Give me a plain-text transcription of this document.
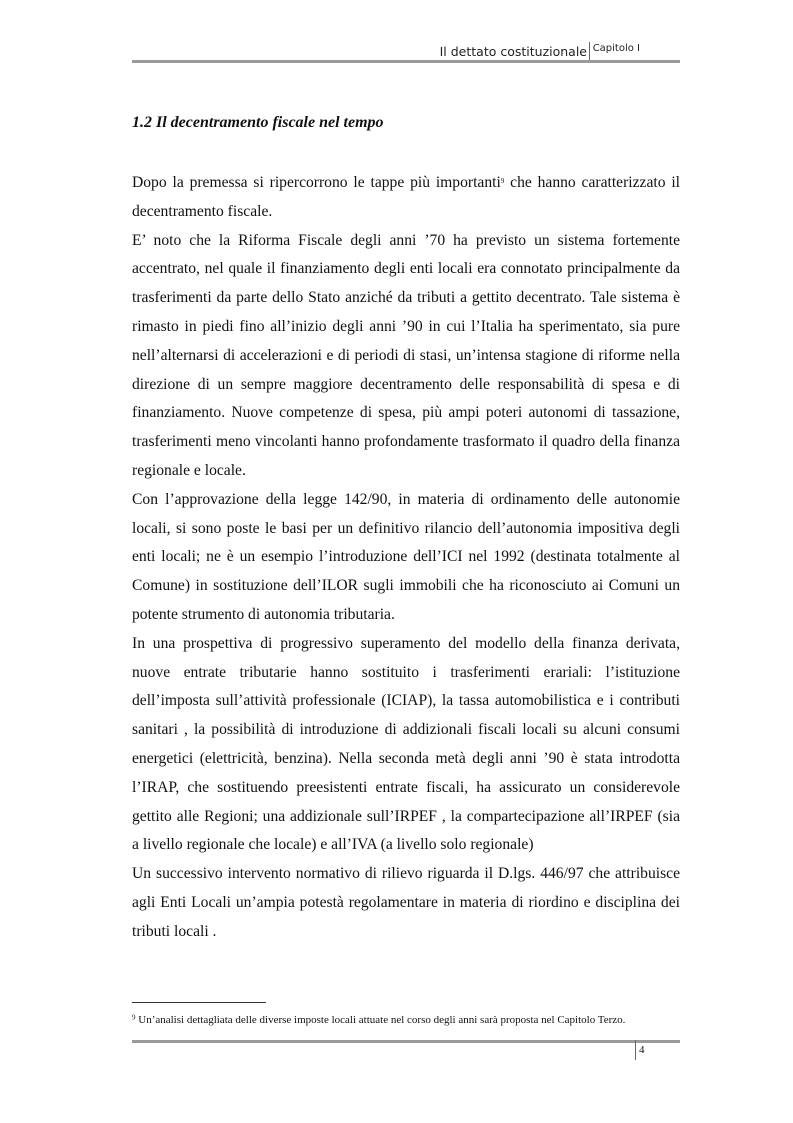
Il dettato costituzionale Capitolo I
1.2 Il decentramento fiscale nel tempo

Dopo la premessa si ripercorrono le tappe più importanti$^9$ che hanno caratterizzato il decentramento fiscale.

E’ noto che la Riforma Fiscale degli anni ’70 ha previsto un sistema fortemente accentrato, nel quale il finanziamento degli enti locali era connotato principalmente da trasferimenti da parte dello Stato anziché da tributi a gettito decentrato. Tale sistema è rimasto in piedi fino all’inizio degli anni ’90 in cui l’Italia ha sperimentato, sia pure nell’alternarsi di accelerazioni e di periodi di stasi, un’intensa stagione di riforme nella direzione di un sempre maggiore decentramento delle responsabilità di spesa e di finanziamento. Nuove competenze di spesa, più ampi poteri autonomi di tassazione, trasferimenti meno vincolanti hanno profondamente trasformato il quadro della finanza regionale e locale.

Con l’approvazione della legge 142/90, in materia di ordinamento delle autonomie locali, si sono poste le basi per un definitivo rilancio dell’autonomia impositiva degli enti locali; ne è un esempio l’introduzione dell’ICI nel 1992 (destinata totalmente al Comune) in sostituzione dell’ILOR sugli immobili che ha riconosciuto ai Comuni un potente strumento di autonomia tributaria.

In una prospettiva di progressivo superamento del modello della finanza derivata, nuove entrate tributarie hanno sostituito i trasferimenti erariali: l’istituzione dell’imposta sull’attività professionale (ICIAP), la tassa automobilistica e i contributi sanitari , la possibilità di introduzione di addizionali fiscali locali su alcuni consumi energetici (elettricità, benzina). Nella seconda metà degli anni ’90 è stata introdotta l’IRAP, che sostituendo preesistenti entrate fiscali, ha assicurato un considerevole gettito alle Regioni; una addizionale sull’IRPEF , la compartecipazione all’IRPEF (sia a livello regionale che locale) e all’IVA (a livello solo regionale)

Un successivo intervento normativo di rilievo riguarda il D.lgs. 446/97 che attribuisce agli Enti Locali un’ampia potestà regolamentare in materia di riordino e disciplina dei tributi locali .

$^9$ Un’analisi dettagliata delle diverse imposte locali attuate nel corso degli anni sarà proposta nel Capitolo Terzo.
4
